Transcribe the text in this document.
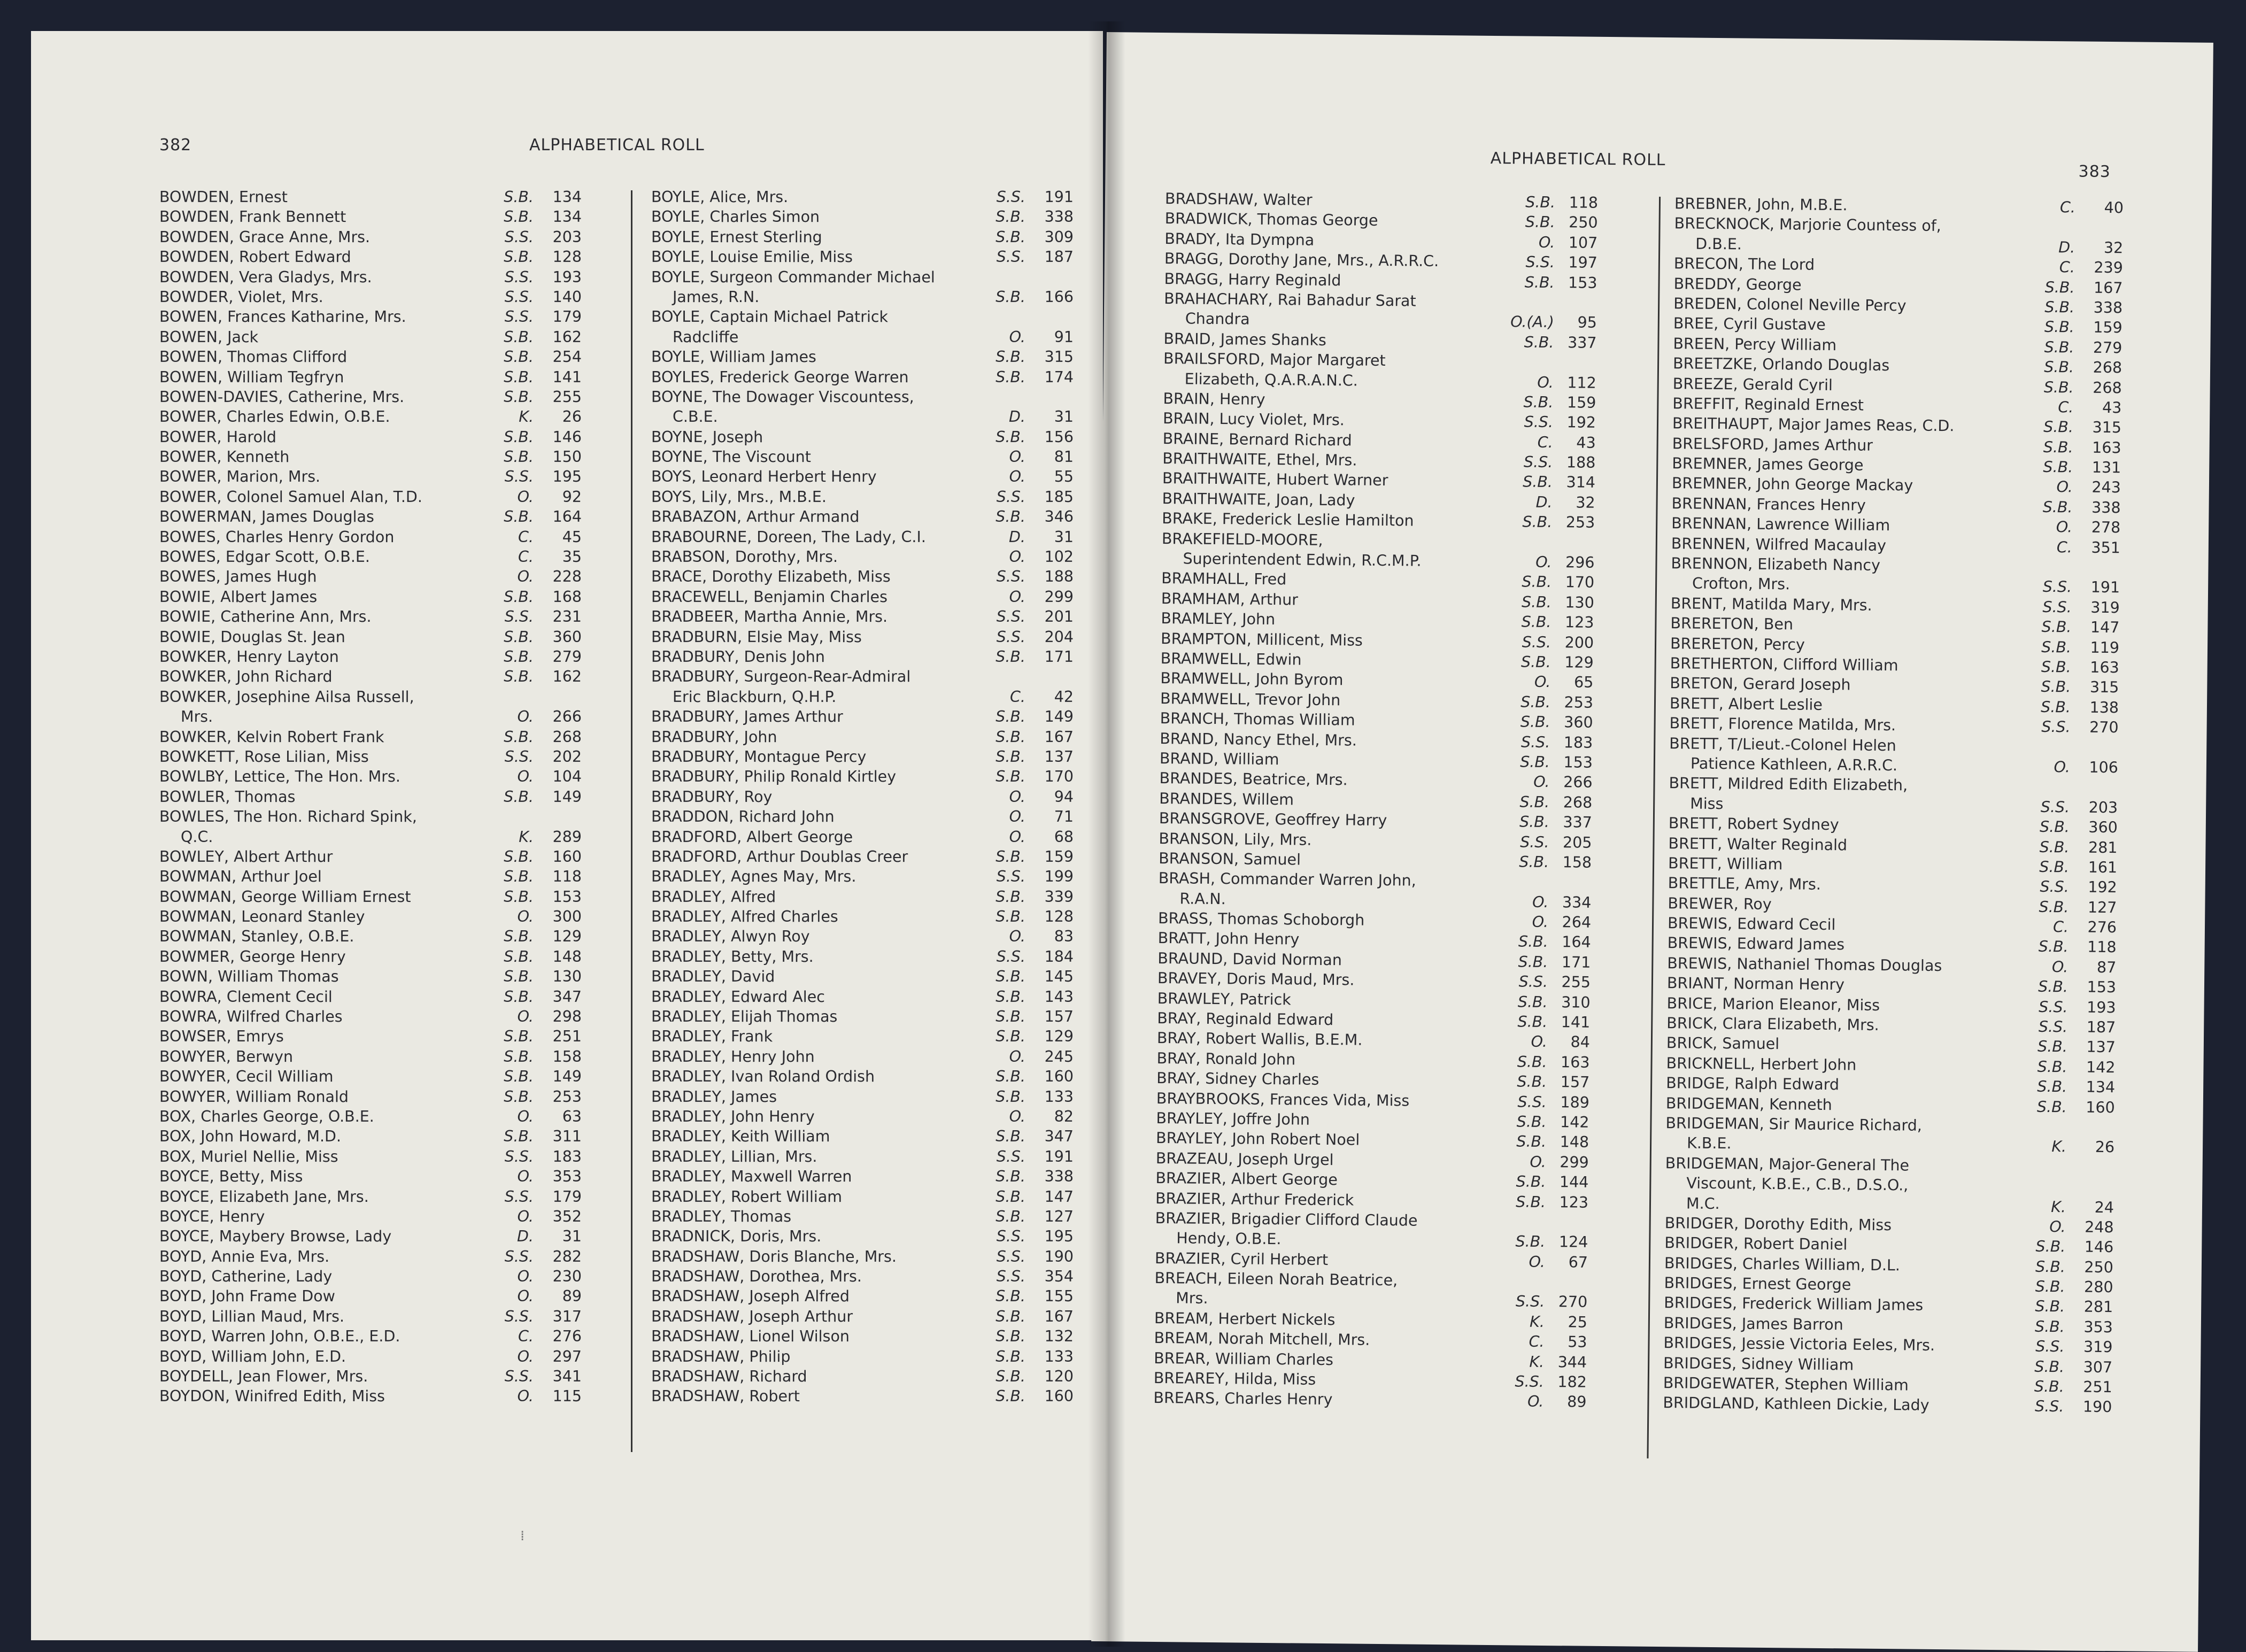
382	ALPHABETICAL ROLL
BOWDEN, Ernest	S.B.	134
BOWDEN, Frank Bennett	S.B.	134
BOWDEN, Grace Anne, Mrs.	S.S.	203
BOWDEN, Robert Edward	S.B.	128
BOWDEN, Vera Gladys, Mrs.	S.S.	193
BOWDER, Violet, Mrs.	S.S.	140
BOWEN, Frances Katharine, Mrs.	S.S.	179
BOWEN, Jack	S.B.	162
BOWEN, Thomas Clifford	S.B.	254
BOWEN, William Tegfryn	S.B.	141
BOWEN-DAVIES, Catherine, Mrs.	S.B.	255
BOWER, Charles Edwin, O.B.E.	K.	26
BOWER, Harold	S.B.	146
BOWER, Kenneth	S.B.	150
BOWER, Marion, Mrs.	S.S.	195
BOWER, Colonel Samuel Alan, T.D.	O.	92
BOWERMAN, James Douglas	S.B.	164
BOWES, Charles Henry Gordon	C.	45
BOWES, Edgar Scott, O.B.E.	C.	35
BOWES, James Hugh	O.	228
BOWIE, Albert James	S.B.	168
BOWIE, Catherine Ann, Mrs.	S.S.	231
BOWIE, Douglas St. Jean	S.B.	360
BOWKER, Henry Layton	S.B.	279
BOWKER, John Richard	S.B.	162
BOWKER, Josephine Ailsa Russell,
Mrs.	O.	266
BOWKER, Kelvin Robert Frank	S.B.	268
BOWKETT, Rose Lilian, Miss	S.S.	202
BOWLBY, Lettice, The Hon. Mrs.	O.	104
BOWLER, Thomas	S.B.	149
BOWLES, The Hon. Richard Spink,
Q.C.	K.	289
BOWLEY, Albert Arthur	S.B.	160
BOWMAN, Arthur Joel	S.B.	118
BOWMAN, George William Ernest	S.B.	153
BOWMAN, Leonard Stanley	O.	300
BOWMAN, Stanley, O.B.E.	S.B.	129
BOWMER, George Henry	S.B.	148
BOWN, William Thomas	S.B.	130
BOWRA, Clement Cecil	S.B.	347
BOWRA, Wilfred Charles	O.	298
BOWSER, Emrys	S.B.	251
BOWYER, Berwyn	S.B.	158
BOWYER, Cecil William	S.B.	149
BOWYER, William Ronald	S.B.	253
BOX, Charles George, O.B.E.	O.	63
BOX, John Howard, M.D.	S.B.	311
BOX, Muriel Nellie, Miss	S.S.	183
BOYCE, Betty, Miss	O.	353
BOYCE, Elizabeth Jane, Mrs.	S.S.	179
BOYCE, Henry	O.	352
BOYCE, Maybery Browse, Lady	D.	31
BOYD, Annie Eva, Mrs.	S.S.	282
BOYD, Catherine, Lady	O.	230
BOYD, John Frame Dow	O.	89
BOYD, Lillian Maud, Mrs.	S.S.	317
BOYD, Warren John, O.B.E., E.D.	C.	276
BOYD, William John, E.D.	O.	297
BOYDELL, Jean Flower, Mrs.	S.S.	341
BOYDON, Winifred Edith, Miss	O.	115
BOYLE, Alice, Mrs.	S.S.	191
BOYLE, Charles Simon	S.B.	338
BOYLE, Ernest Sterling	S.B.	309
BOYLE, Louise Emilie, Miss	S.S.	187
BOYLE, Surgeon Commander Michael
James, R.N.	S.B.	166
BOYLE, Captain Michael Patrick
Radcliffe	O.	91
BOYLE, William James	S.B.	315
BOYLES, Frederick George Warren	S.B.	174
BOYNE, The Dowager Viscountess,
C.B.E.	D.	31
BOYNE, Joseph	S.B.	156
BOYNE, The Viscount	O.	81
BOYS, Leonard Herbert Henry	O.	55
BOYS, Lily, Mrs., M.B.E.	S.S.	185
BRABAZON, Arthur Armand	S.B.	346
BRABOURNE, Doreen, The Lady, C.I.	D.	31
BRABSON, Dorothy, Mrs.	O.	102
BRACE, Dorothy Elizabeth, Miss	S.S.	188
BRACEWELL, Benjamin Charles	O.	299
BRADBEER, Martha Annie, Mrs.	S.S.	201
BRADBURN, Elsie May, Miss	S.S.	204
BRADBURY, Denis John	S.B.	171
BRADBURY, Surgeon-Rear-Admiral
Eric Blackburn, Q.H.P.	C.	42
BRADBURY, James Arthur	S.B.	149
BRADBURY, John	S.B.	167
BRADBURY, Montague Percy	S.B.	137
BRADBURY, Philip Ronald Kirtley	S.B.	170
BRADBURY, Roy	O.	94
BRADDON, Richard John	O.	71
BRADFORD, Albert George	O.	68
BRADFORD, Arthur Doublas Creer	S.B.	159
BRADLEY, Agnes May, Mrs.	S.S.	199
BRADLEY, Alfred	S.B.	339
BRADLEY, Alfred Charles	S.B.	128
BRADLEY, Alwyn Roy	O.	83
BRADLEY, Betty, Mrs.	S.S.	184
BRADLEY, David	S.B.	145
BRADLEY, Edward Alec	S.B.	143
BRADLEY, Elijah Thomas	S.B.	157
BRADLEY, Frank	S.B.	129
BRADLEY, Henry John	O.	245
BRADLEY, Ivan Roland Ordish	S.B.	160
BRADLEY, James	S.B.	133
BRADLEY, John Henry	O.	82
BRADLEY, Keith William	S.B.	347
BRADLEY, Lillian, Mrs.	S.S.	191
BRADLEY, Maxwell Warren	S.B.	338
BRADLEY, Robert William	S.B.	147
BRADLEY, Thomas	S.B.	127
BRADNICK, Doris, Mrs.	S.S.	195
BRADSHAW, Doris Blanche, Mrs.	S.S.	190
BRADSHAW, Dorothea, Mrs.	S.S.	354
BRADSHAW, Joseph Alfred	S.B.	155
BRADSHAW, Joseph Arthur	S.B.	167
BRADSHAW, Lionel Wilson	S.B.	132
BRADSHAW, Philip	S.B.	133
BRADSHAW, Richard	S.B.	120
BRADSHAW, Robert	S.B.	160
⁞
ALPHABETICAL ROLL
383
BRADSHAW, Walter	S.B. 118
BRADWICK, Thomas George	S.B. 250
BRADY, Ita Dympna	O. 107
BRAGG, Dorothy Jane, Mrs., A.R.R.C.	S.S. 197
BRAGG, Harry Reginald	S.B. 153
BRAHACHARY, Rai Bahadur Sarat
Chandra	O.(A.)	95
BRAID, James Shanks	S.B. 337
BRAILSFORD, Major Margaret
Elizabeth, Q.A.R.A.N.C.	O. 112
BRAIN, Henry	S.B. 159
BRAIN, Lucy Violet, Mrs.	S.S. 192
BRAINE, Bernard Richard	C.	43
BRAITHWAITE, Ethel, Mrs.	S.S. 188
BRAITHWAITE, Hubert Warner	S.B. 314
BRAITHWAITE, Joan, Lady	D.	32
BRAKE, Frederick Leslie Hamilton	S.B. 253
BRAKEFIELD-MOORE,
Superintendent Edwin, R.C.M.P.	O. 296
BRAMHALL, Fred	S.B. 170
BRAMHAM, Arthur	S.B. 130
BRAMLEY, John	S.B. 123
BRAMPTON, Millicent, Miss	S.S. 200
BRAMWELL, Edwin	S.B. 129
BRAMWELL, John Byrom	O.	65
BRAMWELL, Trevor John	S.B. 253
BRANCH, Thomas William	S.B. 360
BRAND, Nancy Ethel, Mrs.	S.S. 183
BRAND, William	S.B. 153
BRANDES, Beatrice, Mrs.	O. 266
BRANDES, Willem	S.B. 268
BRANSGROVE, Geoffrey Harry	S.B. 337
BRANSON, Lily, Mrs.	S.S. 205
BRANSON, Samuel	S.B. 158
BRASH, Commander Warren John,
R.A.N.	O. 334
BRASS, Thomas Schoborgh	O. 264
BRATT, John Henry	S.B. 164
BRAUND, David Norman	S.B. 171
BRAVEY, Doris Maud, Mrs.	S.S. 255
BRAWLEY, Patrick	S.B. 310
BRAY, Reginald Edward	S.B. 141
BRAY, Robert Wallis, B.E.M.	O.	84
BRAY, Ronald John	S.B. 163
BRAY, Sidney Charles	S.B. 157
BRAYBROOKS, Frances Vida, Miss	S.S. 189
BRAYLEY, Joffre John	S.B. 142
BRAYLEY, John Robert Noel	S.B. 148
BRAZEAU, Joseph Urgel	O. 299
BRAZIER, Albert George	S.B. 144
BRAZIER, Arthur Frederick	S.B. 123
BRAZIER, Brigadier Clifford Claude
Hendy, O.B.E.	S.B. 124
BRAZIER, Cyril Herbert	O.	67
BREACH, Eileen Norah Beatrice,
Mrs.	S.S. 270
BREAM, Herbert Nickels	K.	25
BREAM, Norah Mitchell, Mrs.	C.	53
BREAR, William Charles	K. 344
BREAREY, Hilda, Miss	S.S. 182
BREARS, Charles Henry	O.	89
BREBNER, John, M.B.E.	C.	40
BRECKNOCK, Marjorie Countess of,
D.B.E.	D.	32
BRECON, The Lord	C.	239
BREDDY, George	S.B.	167
BREDEN, Colonel Neville Percy	S.B.	338
BREE, Cyril Gustave	S.B.	159
BREEN, Percy William	S.B.	279
BREETZKE, Orlando Douglas	S.B.	268
BREEZE, Gerald Cyril	S.B.	268
BREFFIT, Reginald Ernest	C.	43
BREITHAUPT, Major James Reas, C.D.	S.B.	315
BRELSFORD, James Arthur	S.B.	163
BREMNER, James George	S.B.	131
BREMNER, John George Mackay	O.	243
BRENNAN, Frances Henry	S.B.	338
BRENNAN, Lawrence William	O.	278
BRENNEN, Wilfred Macaulay	C.	351
BRENNON, Elizabeth Nancy
Crofton, Mrs.	S.S.	191
BRENT, Matilda Mary, Mrs.	S.S.	319
BRERETON, Ben	S.B.	147
BRERETON, Percy	S.B.	119
BRETHERTON, Clifford William	S.B.	163
BRETON, Gerard Joseph	S.B.	315
BRETT, Albert Leslie	S.B.	138
BRETT, Florence Matilda, Mrs.	S.S.	270
BRETT, T/Lieut.-Colonel Helen
Patience Kathleen, A.R.R.C.	O.	106
BRETT, Mildred Edith Elizabeth,
Miss	S.S.	203
BRETT, Robert Sydney	S.B.	360
BRETT, Walter Reginald	S.B.	281
BRETT, William	S.B.	161
BRETTLE, Amy, Mrs.	S.S.	192
BREWER, Roy	S.B.	127
BREWIS, Edward Cecil	C.	276
BREWIS, Edward James	S.B.	118
BREWIS, Nathaniel Thomas Douglas	O.	87
BRIANT, Norman Henry	S.B.	153
BRICE, Marion Eleanor, Miss	S.S.	193
BRICK, Clara Elizabeth, Mrs.	S.S.	187
BRICK, Samuel	S.B.	137
BRICKNELL, Herbert John	S.B.	142
BRIDGE, Ralph Edward	S.B.	134
BRIDGEMAN, Kenneth	S.B.	160
BRIDGEMAN, Sir Maurice Richard,
K.B.E.	K.	26
BRIDGEMAN, Major-General The
Viscount, K.B.E., C.B., D.S.O.,
M.C.	K.	24
BRIDGER, Dorothy Edith, Miss	O.	248
BRIDGER, Robert Daniel	S.B.	146
BRIDGES, Charles William, D.L.	S.B.	250
BRIDGES, Ernest George	S.B.	280
BRIDGES, Frederick William James	S.B.	281
BRIDGES, James Barron	S.B.	353
BRIDGES, Jessie Victoria Eeles, Mrs.	S.S.	319
BRIDGES, Sidney William	S.B.	307
BRIDGEWATER, Stephen William	S.B.	251
BRIDGLAND, Kathleen Dickie, Lady	S.S.	190
